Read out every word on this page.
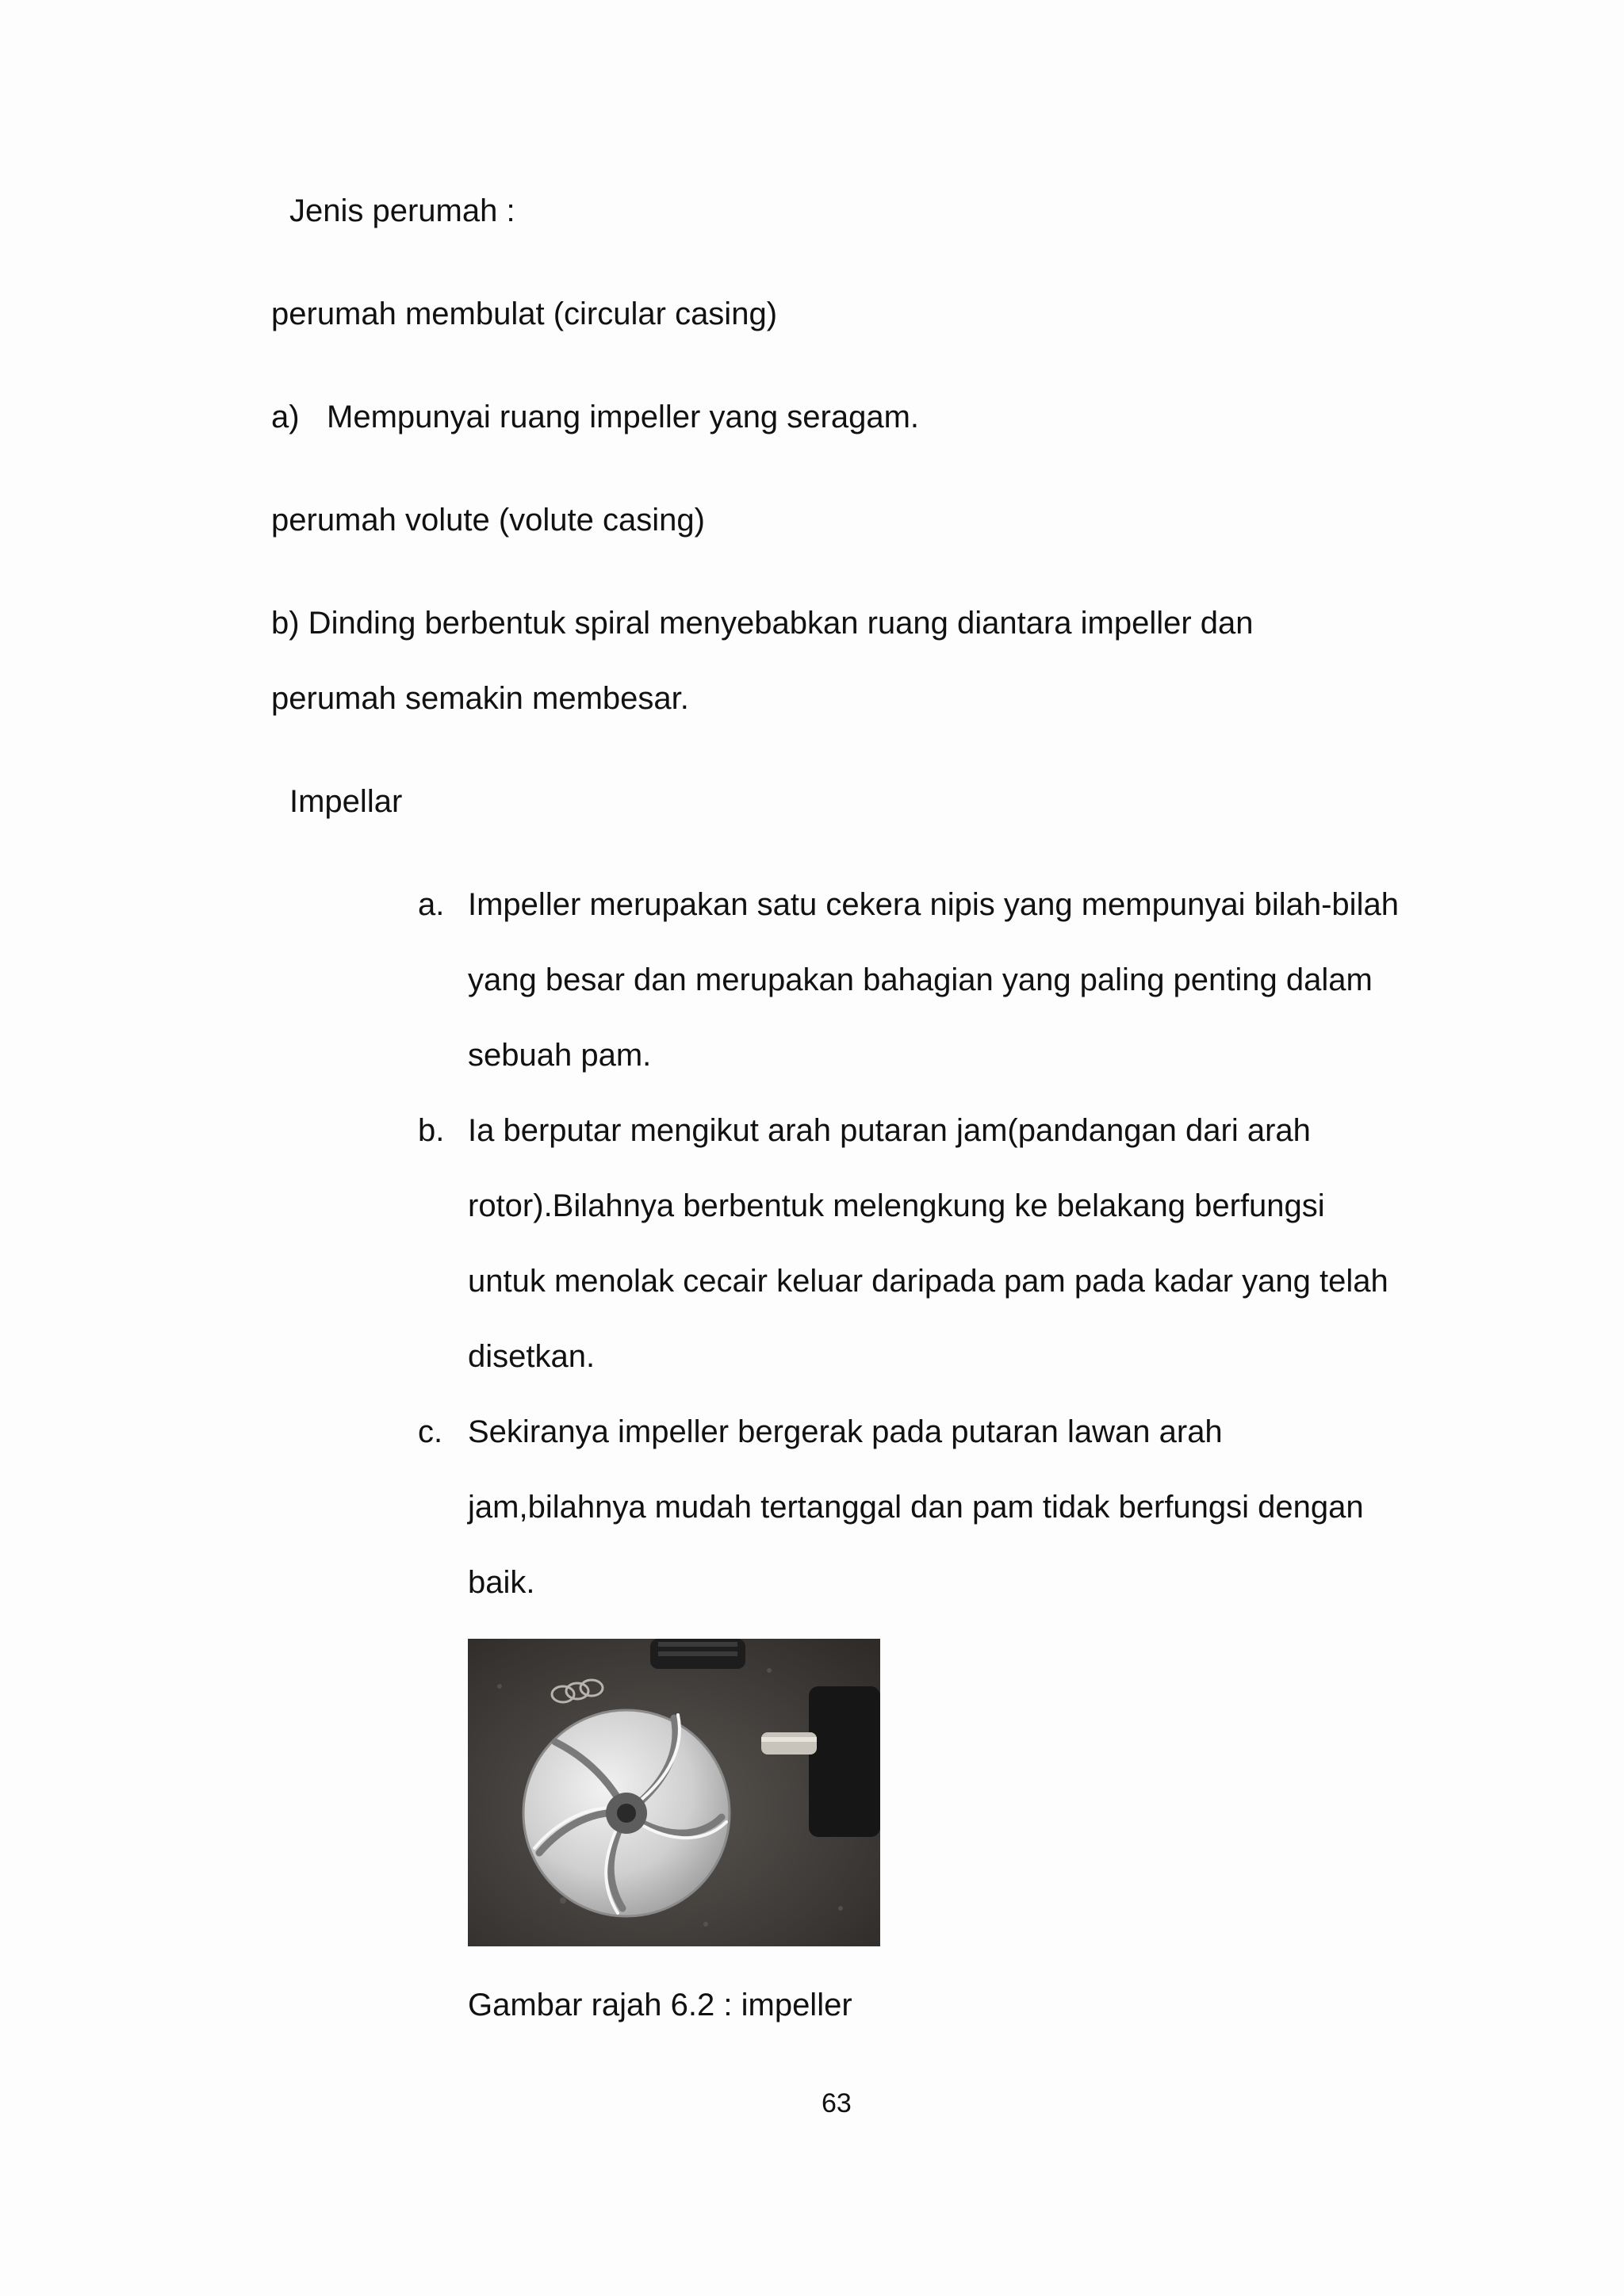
Jenis perumah :

perumah membulat (circular casing)

a) Mempunyai ruang impeller yang seragam.

perumah volute (volute casing)

b) Dinding berbentuk spiral menyebabkan ruang diantara impeller dan

perumah semakin membesar.

Impellar

a. Impeller merupakan satu cekera nipis yang mempunyai bilah-bilah

yang besar dan merupakan bahagian yang paling penting dalam

sebuah pam.

b. Ia berputar mengikut arah putaran jam(pandangan dari arah

rotor).Bilahnya berbentuk melengkung ke belakang berfungsi

untuk menolak cecair keluar daripada pam pada kadar yang telah

disetkan.

c. Sekiranya impeller bergerak pada putaran lawan arah

jam,bilahnya mudah tertanggal dan pam tidak berfungsi dengan

baik.

Gambar rajah 6.2 : impeller

63
